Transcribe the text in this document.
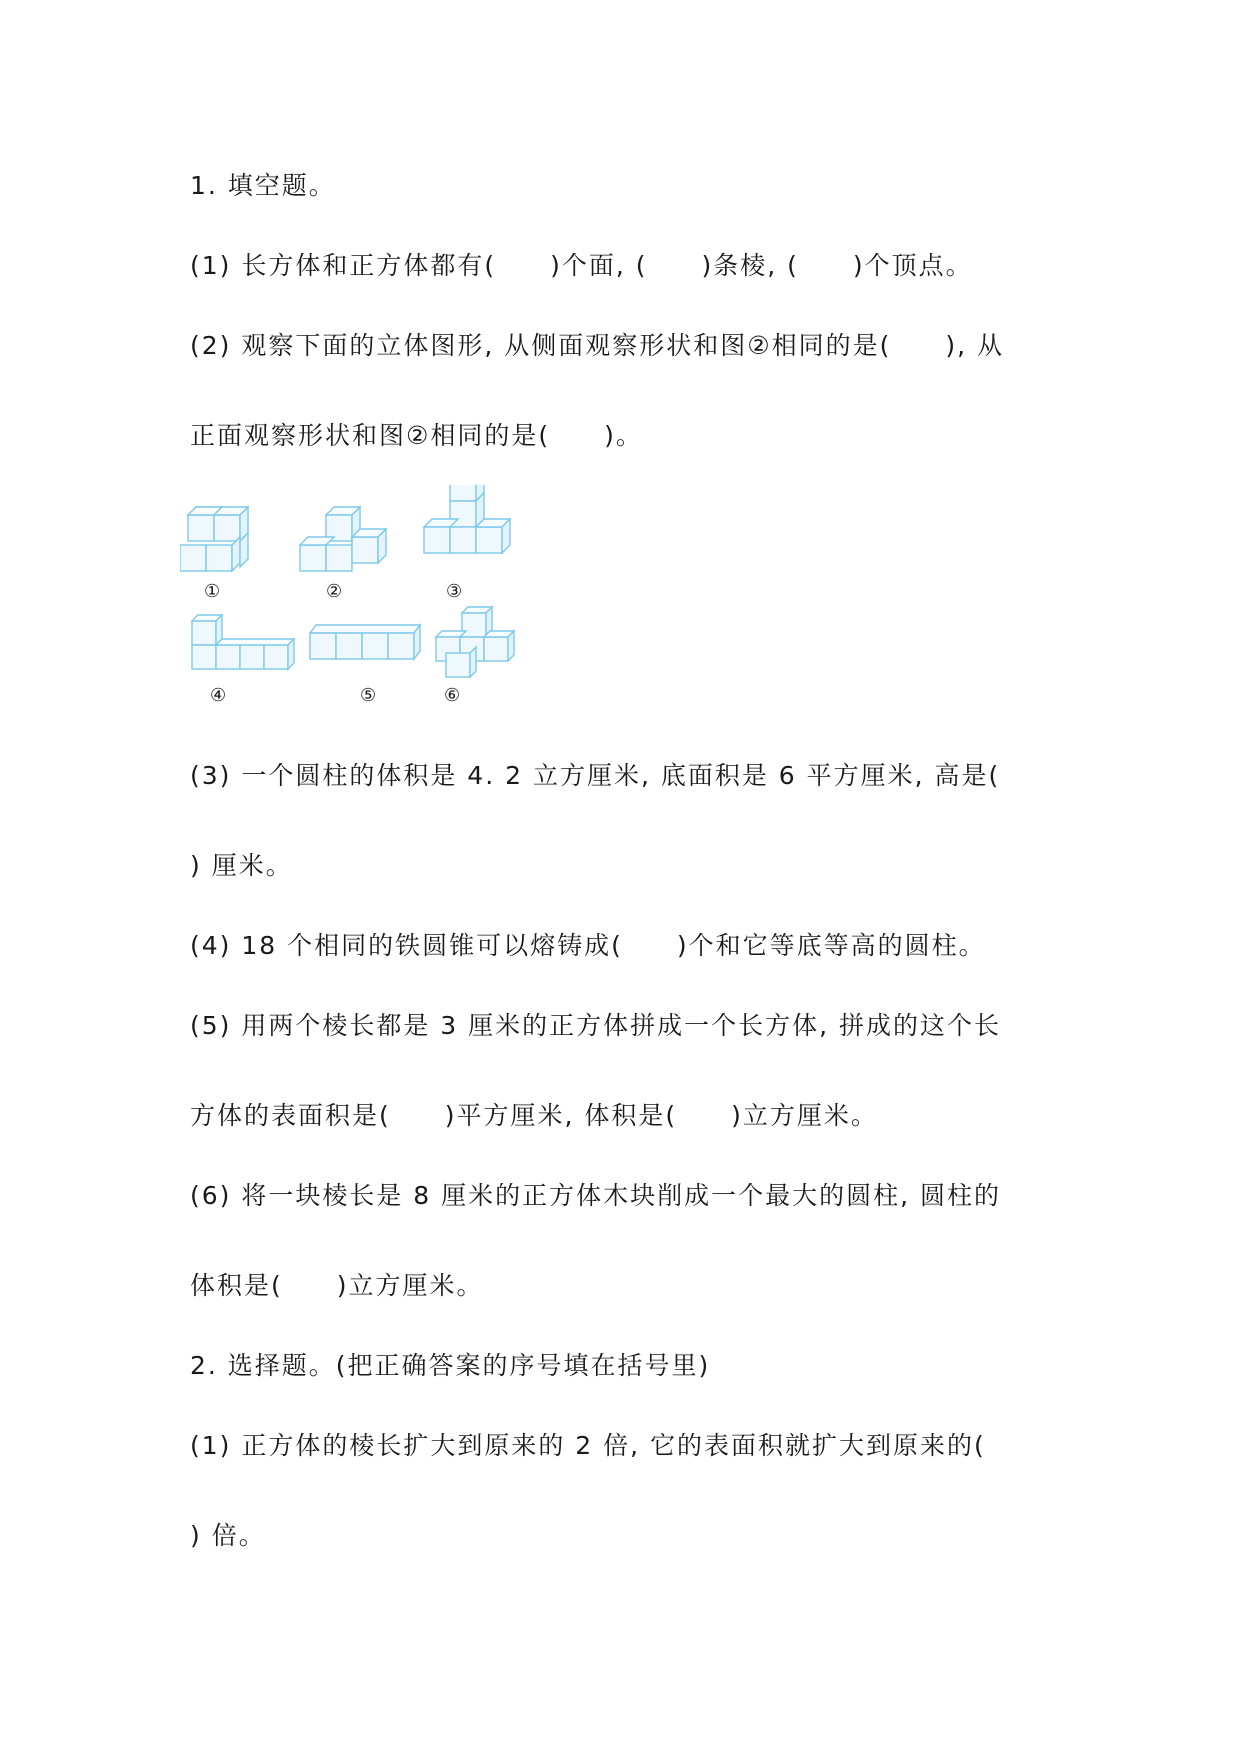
1. 填空题。
(1) 长方体和正方体都有(　　)个面, (　　)条棱, (　　)个顶点。
(2) 观察下面的立体图形, 从侧面观察形状和图②相同的是(　　), 从
正面观察形状和图②相同的是(　　)。
①	②	③
④	⑤	⑥
(3) 一个圆柱的体积是 4. 2 立方厘米, 底面积是 6 平方厘米, 高是(
) 厘米。
(4) 18 个相同的铁圆锥可以熔铸成(　　)个和它等底等高的圆柱。
(5) 用两个棱长都是 3 厘米的正方体拼成一个长方体, 拼成的这个长
方体的表面积是(　　)平方厘米, 体积是(　　)立方厘米。
(6) 将一块棱长是 8 厘米的正方体木块削成一个最大的圆柱, 圆柱的
体积是(　　)立方厘米。
2. 选择题。(把正确答案的序号填在括号里)
(1) 正方体的棱长扩大到原来的 2 倍, 它的表面积就扩大到原来的(
) 倍。
